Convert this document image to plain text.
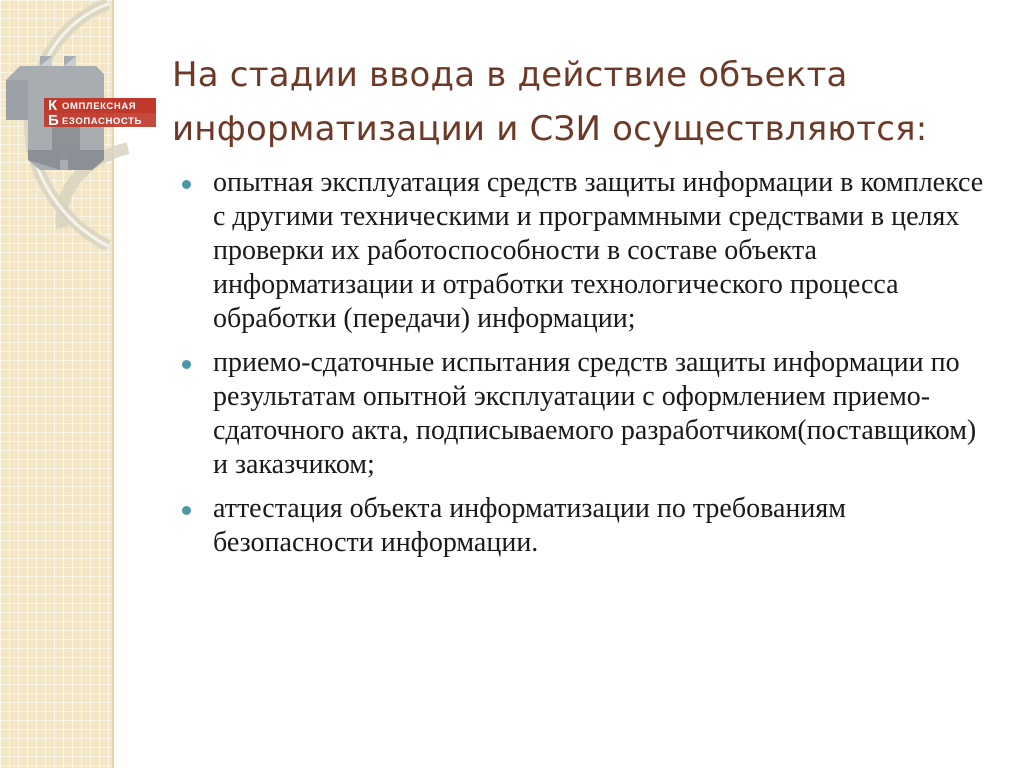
К ОМПЛЕКСНАЯ
Б ЕЗОПАСНОСТЬ
На стадии ввода в действие объекта
информатизации и СЗИ осуществляются:
опытная эксплуатация средств защиты информации в комплексе с другими техническими и программными средствами в целях проверки их работоспособности в составе объекта информатизации и отработки технологического процесса обработки (передачи) информации;
приемо-сдаточные испытания средств защиты информации по результатам опытной эксплуатации с оформлением приемо-сдаточного акта, подписываемого разработчиком(поставщиком) и заказчиком;
аттестация объекта информатизации по требованиям безопасности информации.
